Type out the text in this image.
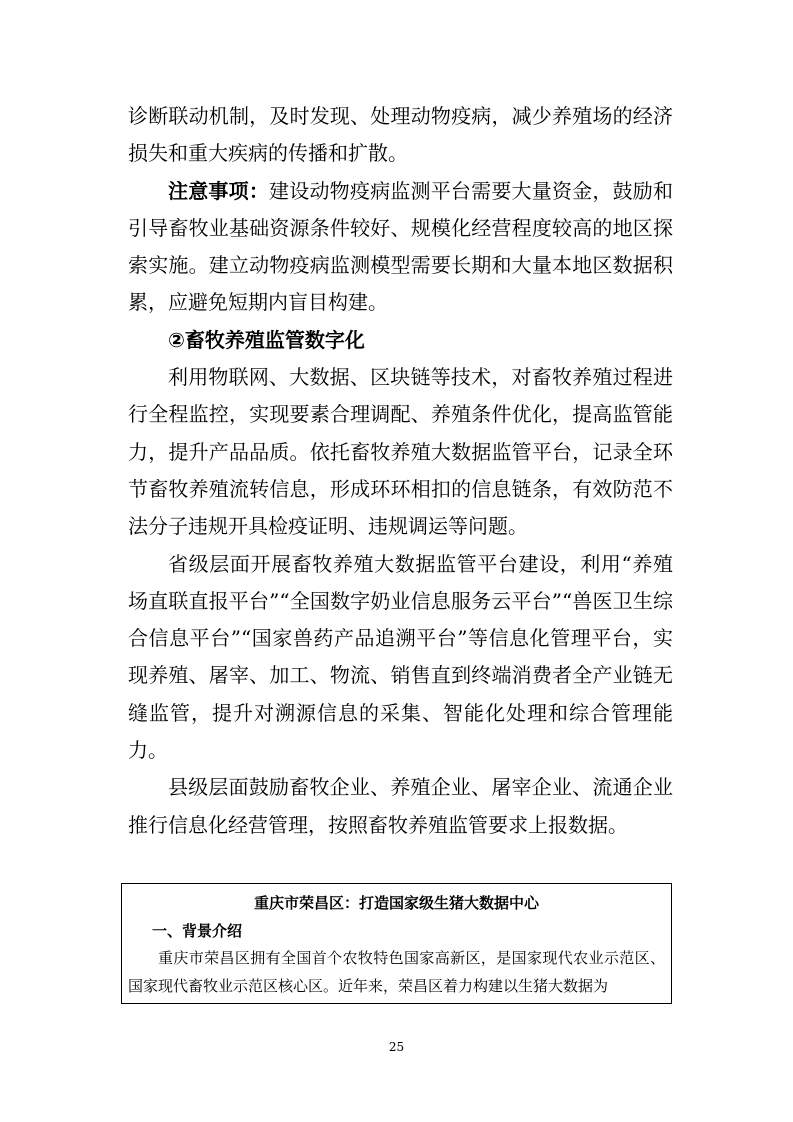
诊断联动机制，及时发现、处理动物疫病，减少养殖场的经济损失和重大疾病的传播和扩散。

注意事项：建设动物疫病监测平台需要大量资金，鼓励和引导畜牧业基础资源条件较好、规模化经营程度较高的地区探索实施。建立动物疫病监测模型需要长期和大量本地区数据积累，应避免短期内盲目构建。

②畜牧养殖监管数字化

利用物联网、大数据、区块链等技术，对畜牧养殖过程进行全程监控，实现要素合理调配、养殖条件优化，提高监管能力，提升产品品质。依托畜牧养殖大数据监管平台，记录全环节畜牧养殖流转信息，形成环环相扣的信息链条，有效防范不法分子违规开具检疫证明、违规调运等问题。

省级层面开展畜牧养殖大数据监管平台建设，利用“养殖场直联直报平台”“全国数字奶业信息服务云平台”“兽医卫生综合信息平台”“国家兽药产品追溯平台”等信息化管理平台，实现养殖、屠宰、加工、物流、销售直到终端消费者全产业链无缝监管，提升对溯源信息的采集、智能化处理和综合管理能力。

县级层面鼓励畜牧企业、养殖企业、屠宰企业、流通企业推行信息化经营管理，按照畜牧养殖监管要求上报数据。

重庆市荣昌区：打造国家级生猪大数据中心

一、背景介绍

重庆市荣昌区拥有全国首个农牧特色国家高新区，是国家现代农业示范区、国家现代畜牧业示范区核心区。近年来，荣昌区着力构建以生猪大数据为

25
